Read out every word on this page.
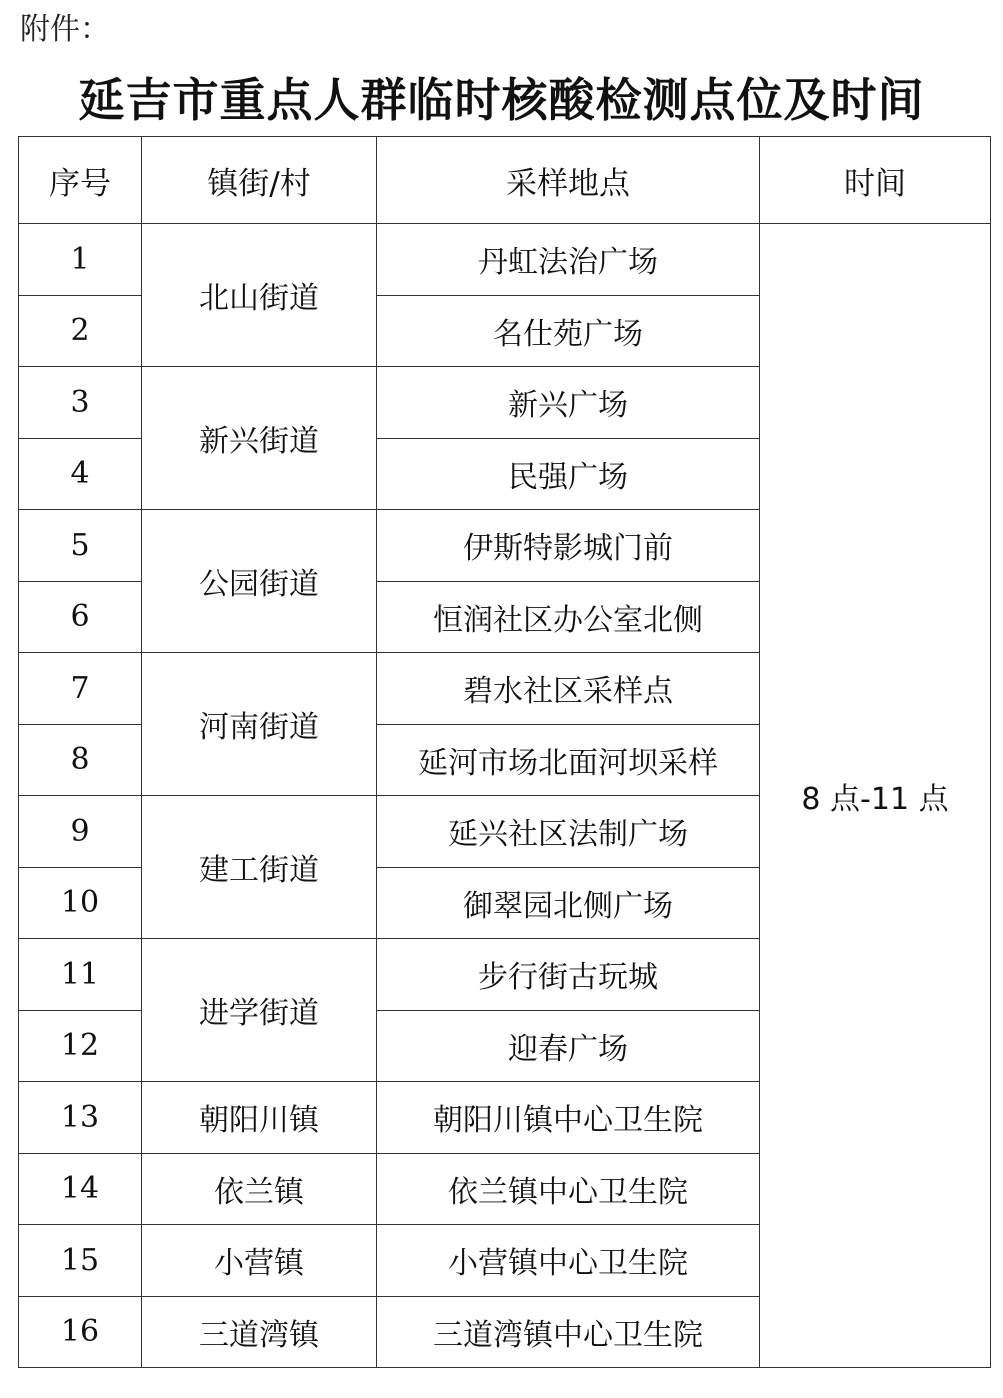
附件：
延吉市重点人群临时核酸检测点位及时间
序号	镇街/村	采样地点	时间
1	北山街道	丹虹法治广场	8 点-11 点
2		名仕苑广场	
3	新兴街道	新兴广场	
4		民强广场	
5	公园街道	伊斯特影城门前	
6		恒润社区办公室北侧	
7	河南街道	碧水社区采样点	
8		延河市场北面河坝采样	
9	建工街道	延兴社区法制广场	
10		御翠园北侧广场	
11	进学街道	步行街古玩城	
12		迎春广场	
13	朝阳川镇	朝阳川镇中心卫生院	
14	依兰镇	依兰镇中心卫生院	
15	小营镇	小营镇中心卫生院	
16	三道湾镇	三道湾镇中心卫生院	
